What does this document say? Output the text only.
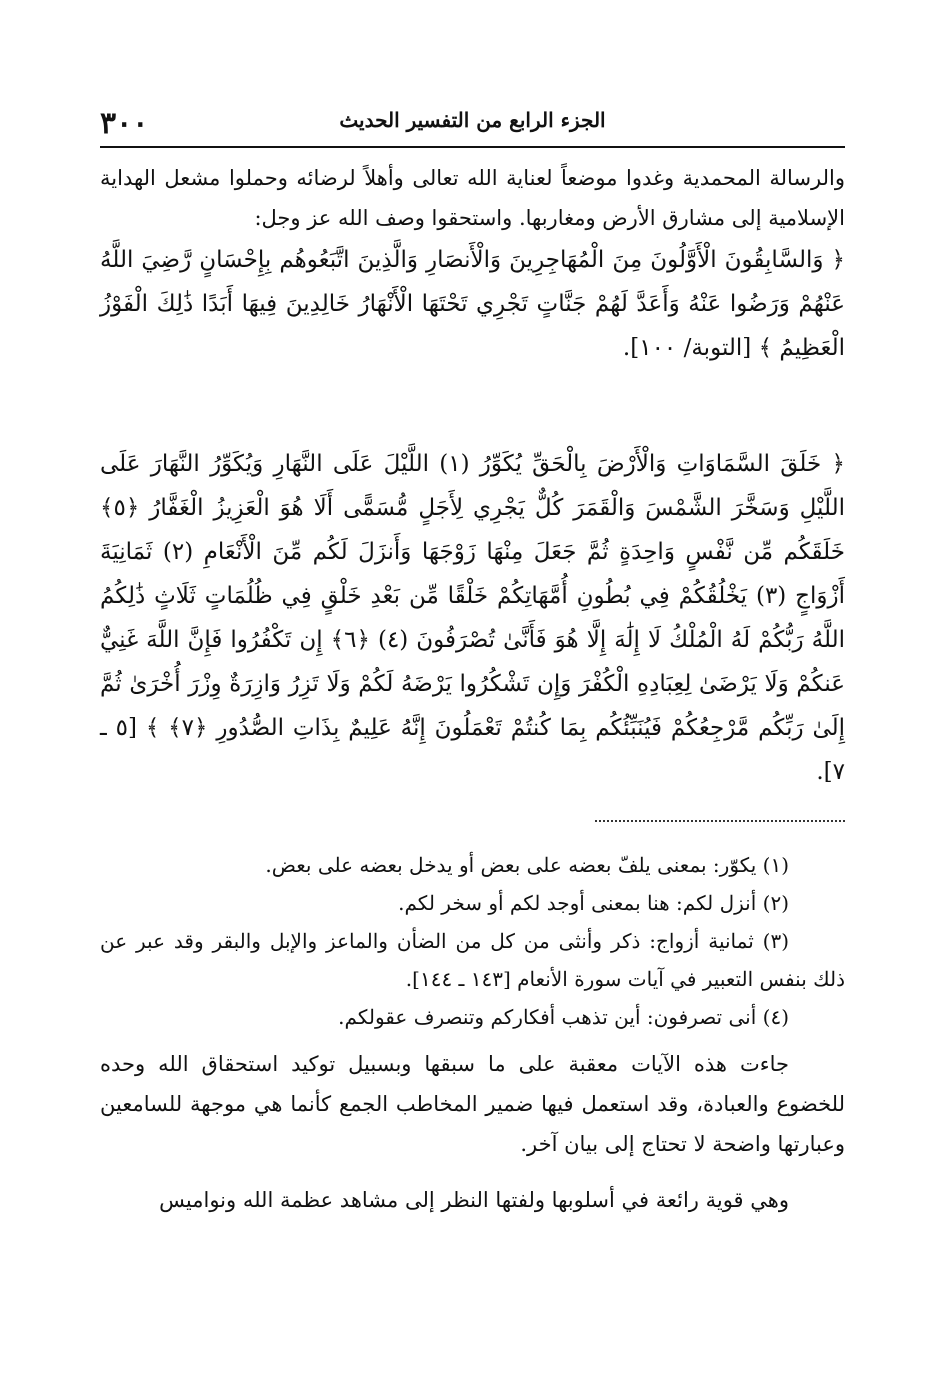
٣٠٠	الجزء الرابع من التفسير الحديث

والرسالة المحمدية وغدوا موضعاً لعناية الله تعالى وأهلاً لرضائه وحملوا مشعل الهداية الإسلامية إلى مشارق الأرض ومغاربها. واستحقوا وصف الله عز وجل:

﴿ وَالسَّابِقُونَ الْأَوَّلُونَ مِنَ الْمُهَاجِرِينَ وَالْأَنصَارِ وَالَّذِينَ اتَّبَعُوهُم بِإِحْسَانٍ رَّضِيَ اللَّهُ عَنْهُمْ وَرَضُوا عَنْهُ وَأَعَدَّ لَهُمْ جَنَّاتٍ تَجْرِي تَحْتَهَا الْأَنْهَارُ خَالِدِينَ فِيهَا أَبَدًا ذَٰلِكَ الْفَوْزُ الْعَظِيمُ ﴾ [التوبة/ ١٠٠].

﴿ خَلَقَ السَّمَاوَاتِ وَالْأَرْضَ بِالْحَقِّ يُكَوِّرُ (١) اللَّيْلَ عَلَى النَّهَارِ وَيُكَوِّرُ النَّهَارَ عَلَى اللَّيْلِ وَسَخَّرَ الشَّمْسَ وَالْقَمَرَ كُلٌّ يَجْرِي لِأَجَلٍ مُّسَمًّى أَلَا هُوَ الْعَزِيزُ الْغَفَّارُ ﴿٥﴾ خَلَقَكُم مِّن نَّفْسٍ وَاحِدَةٍ ثُمَّ جَعَلَ مِنْهَا زَوْجَهَا وَأَنزَلَ لَكُم مِّنَ الْأَنْعَامِ (٢) ثَمَانِيَةَ أَزْوَاجٍ (٣) يَخْلُقُكُمْ فِي بُطُونِ أُمَّهَاتِكُمْ خَلْقًا مِّن بَعْدِ خَلْقٍ فِي ظُلُمَاتٍ ثَلَاثٍ ذَٰلِكُمُ اللَّهُ رَبُّكُمْ لَهُ الْمُلْكُ لَا إِلَٰهَ إِلَّا هُوَ فَأَنَّىٰ تُصْرَفُونَ (٤) ﴿٦﴾ إِن تَكْفُرُوا فَإِنَّ اللَّهَ غَنِيٌّ عَنكُمْ وَلَا يَرْضَىٰ لِعِبَادِهِ الْكُفْرَ وَإِن تَشْكُرُوا يَرْضَهُ لَكُمْ وَلَا تَزِرُ وَازِرَةٌ وِزْرَ أُخْرَىٰ ثُمَّ إِلَىٰ رَبِّكُم مَّرْجِعُكُمْ فَيُنَبِّئُكُم بِمَا كُنتُمْ تَعْمَلُونَ إِنَّهُ عَلِيمٌ بِذَاتِ الصُّدُورِ ﴿٧﴾ ﴾ [٥ ـ ٧].

(١) يكوّر: بمعنى يلفّ بعضه على بعض أو يدخل بعضه على بعض.

(٢) أنزل لكم: هنا بمعنى أوجد لكم أو سخر لكم.

(٣) ثمانية أزواج: ذكر وأنثى من كل من الضأن والماعز والإبل والبقر وقد عبر عن ذلك بنفس التعبير في آيات سورة الأنعام [١٤٣ ـ ١٤٤].

(٤) أنى تصرفون: أين تذهب أفكاركم وتنصرف عقولكم.

جاءت هذه الآيات معقبة على ما سبقها وبسبيل توكيد استحقاق الله وحده للخضوع والعبادة، وقد استعمل فيها ضمير المخاطب الجمع كأنما هي موجهة للسامعين وعبارتها واضحة لا تحتاج إلى بيان آخر.

وهي قوية رائعة في أسلوبها ولفتها النظر إلى مشاهد عظمة الله ونواميس
